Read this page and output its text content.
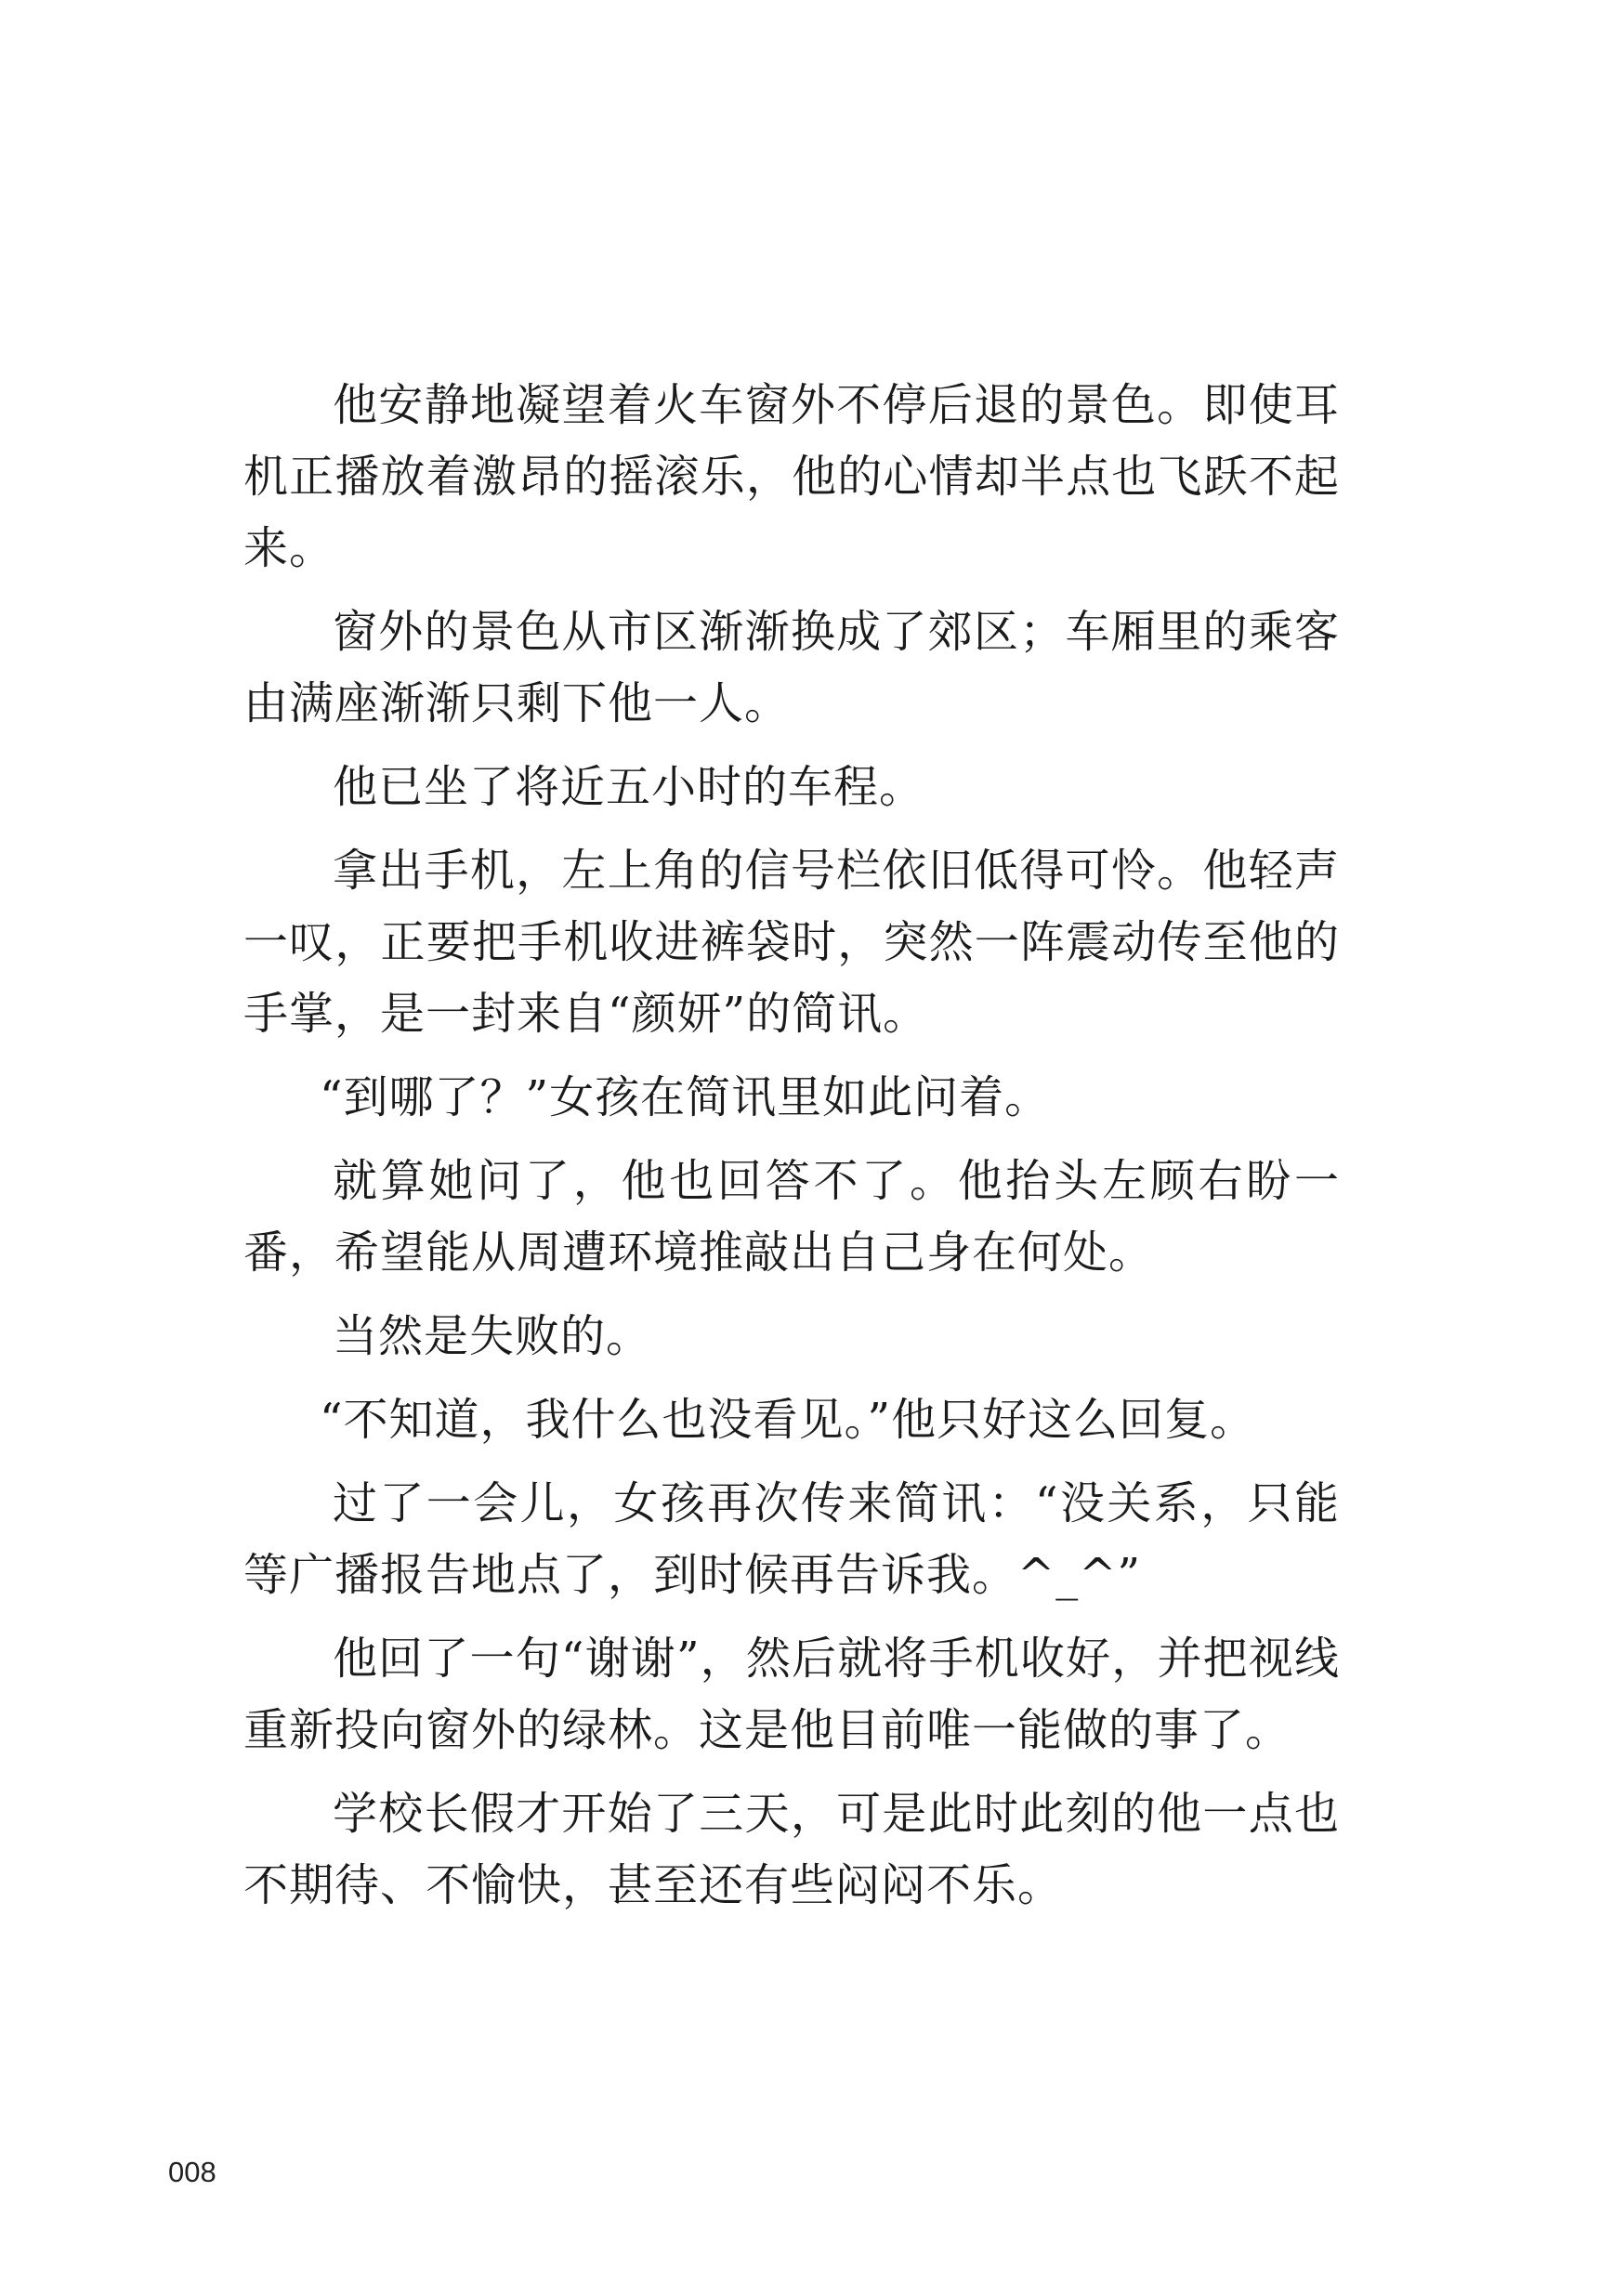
他安静地凝望着火车窗外不停后退的景色。即使耳机正播放着激昂的摇滚乐，他的心情却半点也飞跃不起来。

窗外的景色从市区渐渐换成了郊区；车厢里的乘客由满座渐渐只剩下他一人。

他已坐了将近五小时的车程。

拿出手机，左上角的信号栏依旧低得可怜。他轻声一叹，正要把手机收进裤袋时，突然一阵震动传至他的手掌，是一封来自“颜妍”的简讯。

“到哪了？”女孩在简讯里如此问着。

就算她问了，他也回答不了。他抬头左顾右盼一番，希望能从周遭环境推敲出自己身在何处。

当然是失败的。

“不知道，我什么也没看见。”他只好这么回复。

过了一会儿，女孩再次传来简讯：“没关系，只能等广播报告地点了，到时候再告诉我。^_^”

他回了一句“谢谢”，然后就将手机收好，并把视线重新投向窗外的绿林。这是他目前唯一能做的事了。

学校长假才开始了三天，可是此时此刻的他一点也不期待、不愉快，甚至还有些闷闷不乐。

008
